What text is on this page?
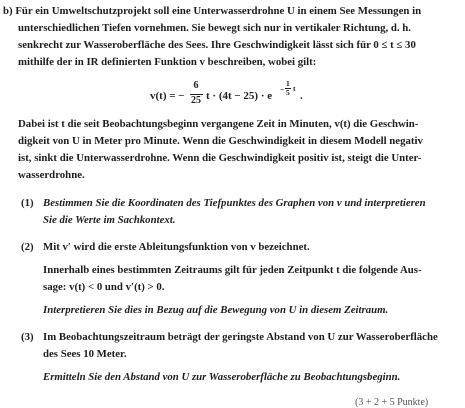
b) Für ein Umweltschutzprojekt soll eine Unterwasserdrohne U in einem See Messungen in
unterschiedlichen Tiefen vornehmen. Sie bewegt sich nur in vertikaler Richtung, d. h.
senkrecht zur Wasseroberfläche des Sees. Ihre Geschwindigkeit lässt sich für 0 ≤ t ≤ 30
mithilfe der in IR definierten Funktion v beschreiben, wobei gilt:
v(t) = −
6
25 t · (4t − 25) · e
−
1
5 t
.
Dabei ist t die seit Beobachtungsbeginn vergangene Zeit in Minuten, v(t) die Geschwin-
digkeit von U in Meter pro Minute. Wenn die Geschwindigkeit in diesem Modell negativ
ist, sinkt die Unterwasserdrohne. Wenn die Geschwindigkeit positiv ist, steigt die Unter-
wasserdrohne.
(1) Bestimmen Sie die Koordinaten des Tiefpunktes des Graphen von v und interpretieren
Sie die Werte im Sachkontext.
(2) Mit v′ wird die erste Ableitungsfunktion von v bezeichnet.
Innerhalb eines bestimmten Zeitraums gilt für jeden Zeitpunkt t die folgende Aus-
sage: v(t) < 0 und v′(t) > 0.
Interpretieren Sie dies in Bezug auf die Bewegung von U in diesem Zeitraum.
(3) Im Beobachtungszeitraum beträgt der geringste Abstand von U zur Wasseroberfläche
des Sees 10 Meter.
Ermitteln Sie den Abstand von U zur Wasseroberfläche zu Beobachtungsbeginn.
(3 + 2 + 5 Punkte)
